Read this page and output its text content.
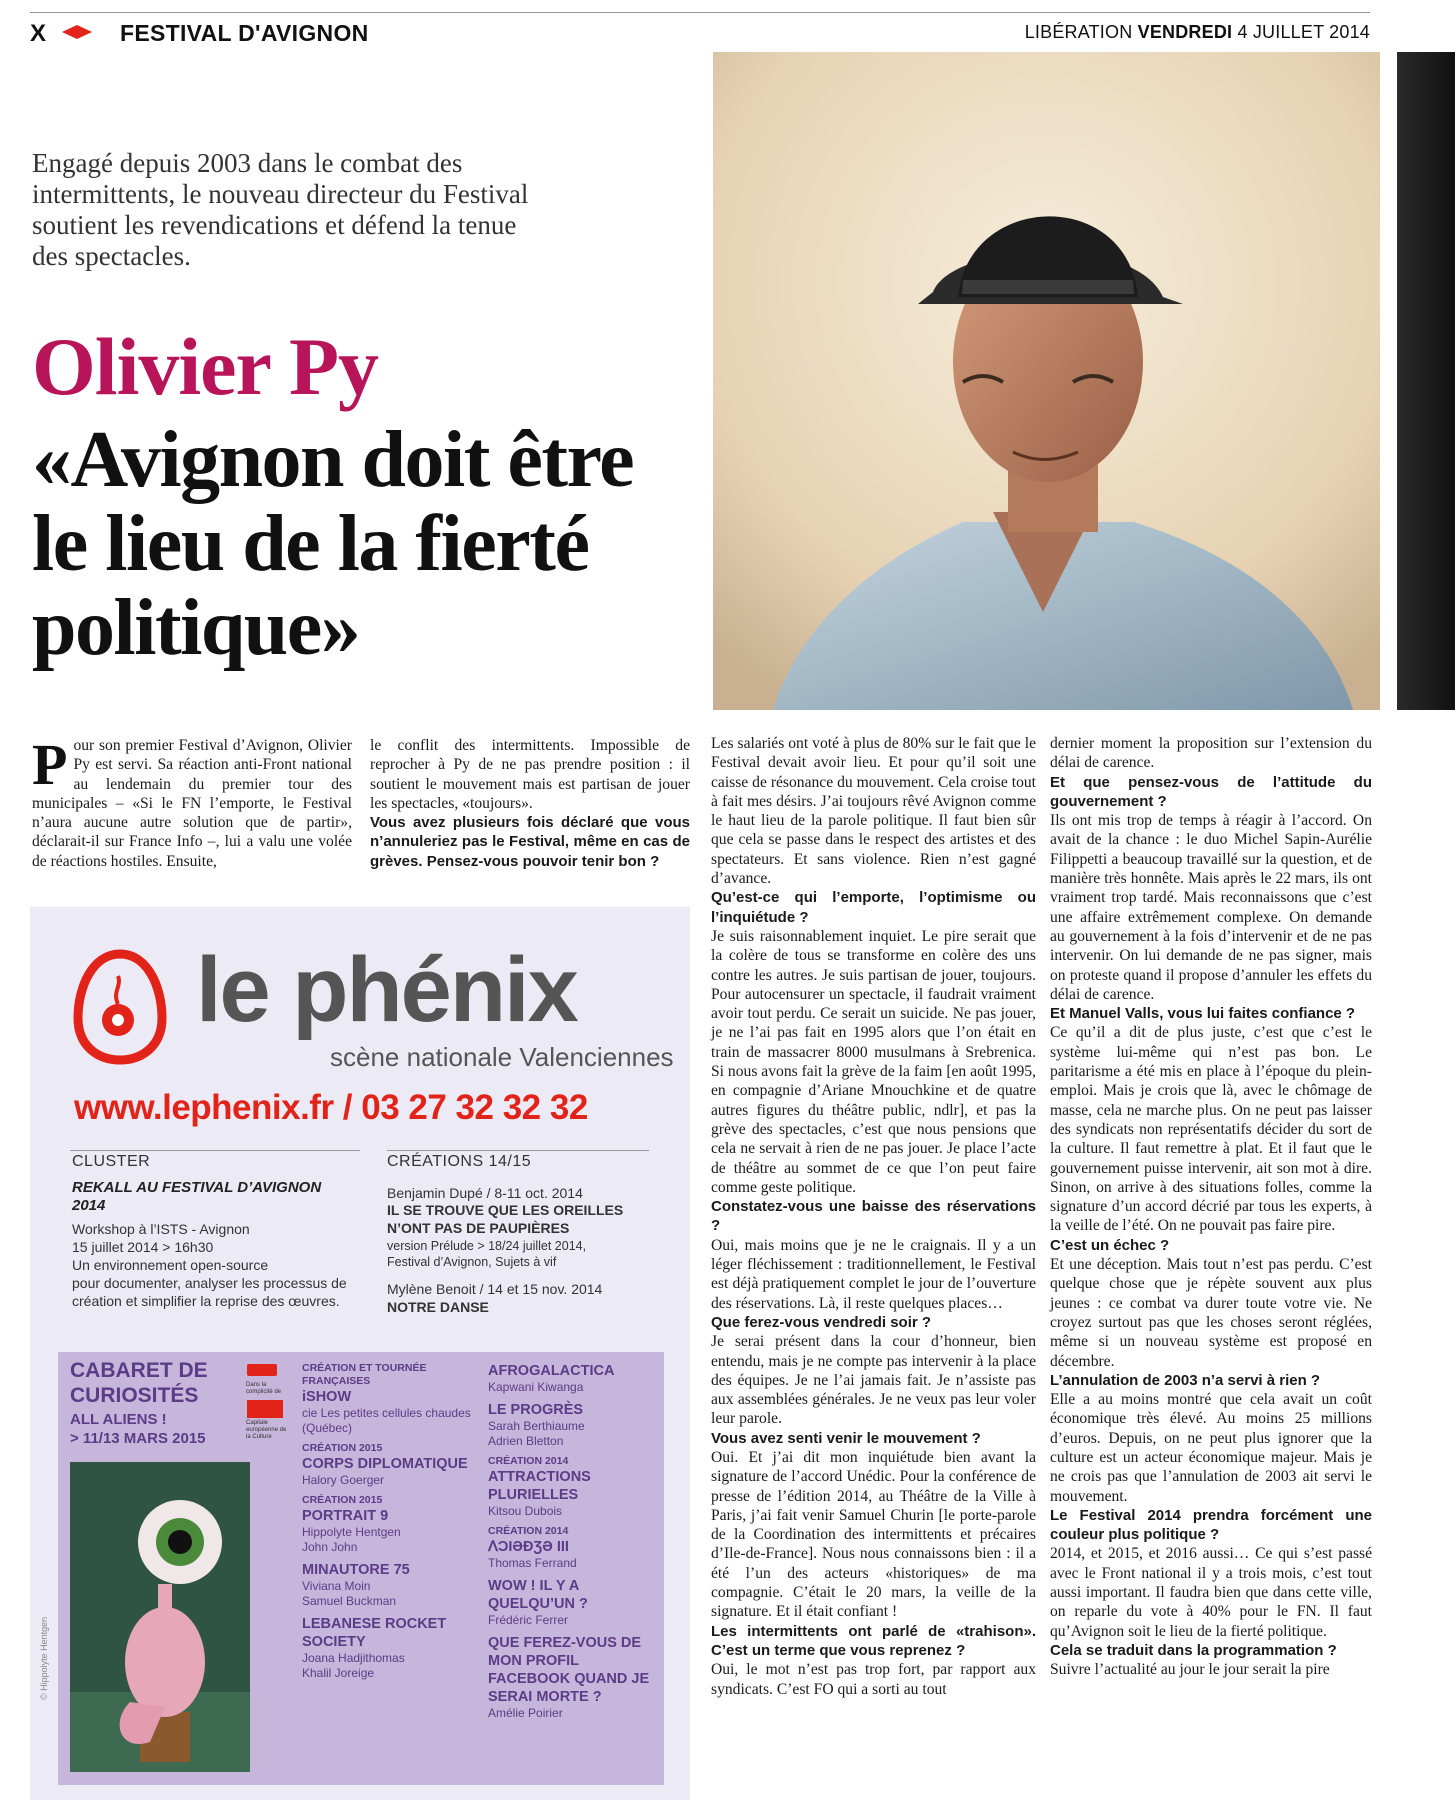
X	FESTIVAL D'AVIGNON	LIBÉRATION VENDREDI 4 JUILLET 2014
Engagé depuis 2003 dans le combat des intermittents, le nouveau directeur du Festival soutient les revendications et défend la tenue des spectacles.
Olivier Py
«Avignon doit être le lieu de la fierté politique»
Pour son premier Festival d’Avignon, Olivier Py est servi. Sa réaction anti-Front national au lendemain du premier tour des municipales – «Si le FN l’emporte, le Festival n’aura aucune autre solution que de partir», déclarait-il sur France Info –, lui a valu une volée de réactions hostiles. Ensuite,

le conflit des intermittents. Impossible de reprocher à Py de ne pas prendre position : il soutient le mouvement mais est partisan de jouer les spectacles, «toujours».

Vous avez plusieurs fois déclaré que vous n’annuleriez pas le Festival, même en cas de grèves. Pensez-vous pouvoir tenir bon ?

Les salariés ont voté à plus de 80% sur le fait que le Festival devait avoir lieu. Et pour qu’il soit une caisse de résonance du mouvement. Cela croise tout à fait mes désirs. J’ai toujours rêvé Avignon comme le haut lieu de la parole politique. Il faut bien sûr que cela se passe dans le respect des artistes et des spectateurs. Et sans violence. Rien n’est gagné d’avance.

Qu’est-ce qui l’emporte, l’optimisme ou l’inquiétude ?

Je suis raisonnablement inquiet. Le pire serait que la colère de tous se transforme en colère des uns contre les autres. Je suis partisan de jouer, toujours. Pour autocensurer un spectacle, il faudrait vraiment avoir tout perdu. Ce serait un suicide. Ne pas jouer, je ne l’ai pas fait en 1995 alors que l’on était en train de massacrer 8000 musulmans à Srebrenica. Si nous avons fait la grève de la faim [en août 1995, en compagnie d’Ariane Mnouchkine et de quatre autres figures du théâtre public, ndlr], et pas la grève des spectacles, c’est que nous pensions que cela ne servait à rien de ne pas jouer. Je place l’acte de théâtre au sommet de ce que l’on peut faire comme geste politique.

Constatez-vous une baisse des réservations ?

Oui, mais moins que je ne le craignais. Il y a un léger fléchissement : traditionnellement, le Festival est déjà pratiquement complet le jour de l’ouverture des réservations. Là, il reste quelques places…

Que ferez-vous vendredi soir ?

Je serai présent dans la cour d’honneur, bien entendu, mais je ne compte pas intervenir à la place des équipes. Je ne l’ai jamais fait. Je n’assiste pas aux assemblées générales. Je ne veux pas leur voler leur parole.

Vous avez senti venir le mouvement ?

Oui. Et j’ai dit mon inquiétude bien avant la signature de l’accord Unédic. Pour la conférence de presse de l’édition 2014, au Théâtre de la Ville à Paris, j’ai fait venir Samuel Churin [le porte-parole de la Coordination des intermittents et précaires d’Ile-de-France]. Nous nous connaissons bien : il a été l’un des acteurs «historiques» de ma compagnie. C’était le 20 mars, la veille de la signature. Et il était confiant !

Les intermittents ont parlé de «trahison». C’est un terme que vous reprenez ?

Oui, le mot n’est pas trop fort, par rapport aux syndicats. C’est FO qui a sorti au tout

dernier moment la proposition sur l’extension du délai de carence.

Et que pensez-vous de l’attitude du gouvernement ?

Ils ont mis trop de temps à réagir à l’accord. On avait de la chance : le duo Michel Sapin-Aurélie Filippetti a beaucoup travaillé sur la question, et de manière très honnête. Mais après le 22 mars, ils ont vraiment trop tardé. Mais reconnaissons que c’est une affaire extrêmement complexe. On demande au gouvernement à la fois d’intervenir et de ne pas intervenir. On lui demande de ne pas signer, mais on proteste quand il propose d’annuler les effets du délai de carence.

Et Manuel Valls, vous lui faites confiance ?

Ce qu’il a dit de plus juste, c’est que c’est le système lui-même qui n’est pas bon. Le paritarisme a été mis en place à l’époque du plein-emploi. Mais je crois que là, avec le chômage de masse, cela ne marche plus. On ne peut pas laisser des syndicats non représentatifs décider du sort de la culture. Il faut remettre à plat. Et il faut que le gouvernement puisse intervenir, ait son mot à dire. Sinon, on arrive à des situations folles, comme la signature d’un accord décrié par tous les experts, à la veille de l’été. On ne pouvait pas faire pire.

C’est un échec ?

Et une déception. Mais tout n’est pas perdu. C’est quelque chose que je répète souvent aux plus jeunes : ce combat va durer toute votre vie. Ne croyez surtout pas que les choses seront réglées, même si un nouveau système est proposé en décembre.

L’annulation de 2003 n’a servi à rien ?

Elle a au moins montré que cela avait un coût économique très élevé. Au moins 25 millions d’euros. Depuis, on ne peut plus ignorer que la culture est un acteur économique majeur. Mais je ne crois pas que l’annulation de 2003 ait servi le mouvement.

Le Festival 2014 prendra forcément une couleur plus politique ?

2014, et 2015, et 2016 aussi… Ce qui s’est passé avec le Front national il y a trois mois, c’est tout aussi important. Il faudra bien que dans cette ville, on reparle du vote à 40% pour le FN. Il faut qu’Avignon soit le lieu de la fierté politique.

Cela se traduit dans la programmation ?

Suivre l’actualité au jour le jour serait la pire

le phénix
scène nationale Valenciennes
www.lephenix.fr / 03 27 32 32 32
CLUSTER
REKALL AU FESTIVAL D’AVIGNON 2014
Workshop à l’ISTS - Avignon
15 juillet 2014 > 16h30
Un environnement open-source
pour documenter, analyser les processus de
création et simplifier la reprise des œuvres.
CRÉATIONS 14/15
Benjamin Dupé / 8-11 oct. 2014
IL SE TROUVE QUE LES OREILLES N’ONT PAS DE PAUPIÈRES
version Prélude > 18/24 juillet 2014,
Festival d’Avignon, Sujets à vif
Mylène Benoit / 14 et 15 nov. 2014
NOTRE DANSE
CABARET DE CURIOSITÉS
ALL ALIENS !
> 11/13 MARS 2015
© Hippolyte Hentgen
Dans la complicité de
Capitale européenne de la Culture
CRÉATION ET TOURNÉE FRANÇAISES
iSHOW
cie Les petites cellules chaudes (Québec)
CRÉATION 2015
CORPS DIPLOMATIQUE
Halory Goerger
CRÉATION 2015
PORTRAIT 9
Hippolyte Hentgen
John John
MINAUTORE 75
Viviana Moin
Samuel Buckman
LEBANESE ROCKET SOCIETY
Joana Hadjithomas
Khalil Joreige
AFROGALACTICA
Kapwani Kiwanga
LE PROGRÈS
Sarah Berthiaume
Adrien Bletton
CRÉATION 2014
ATTRACTIONS PLURIELLES
Kitsou Dubois
CRÉATION 2014
ᐱƆIƏƉƷƏ III
Thomas Ferrand
WOW ! IL Y A QUELQU’UN ?
Frédéric Ferrer
QUE FEREZ-VOUS DE MON PROFIL FACEBOOK QUAND JE SERAI MORTE ?
Amélie Poirier
